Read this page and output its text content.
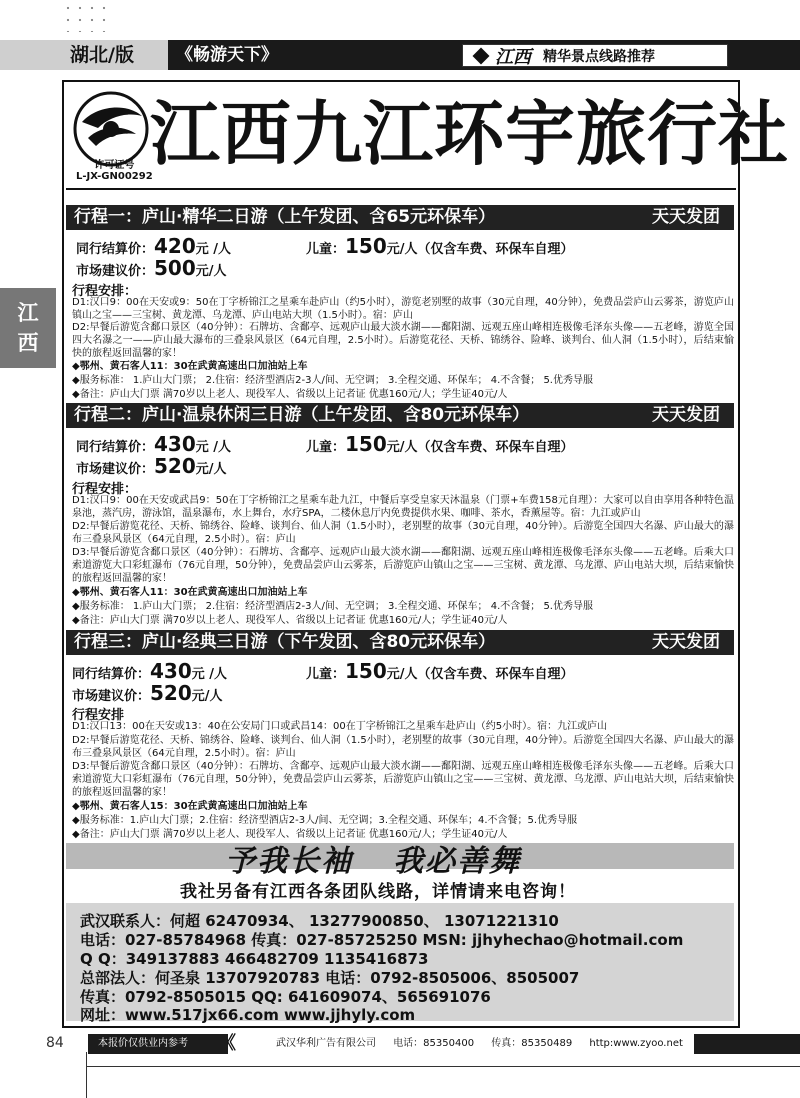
湖北/版	《畅游天下》	江西 精华景点线路推荐
江西
许可证号
L-JX-GN00292
江西九江环宇旅行社
行程一：庐山·精华二日游（上午发团、含65元环保车）	天天发团
同行结算价：420元 /人	儿童：150元/人（仅含车费、环保车自理）
市场建议价：500元/人
行程安排：
D1:汉口9：00在天安或9：50在丁字桥锦江之星乘车赴庐山（约5小时），游览老别墅的故事（30元自理，40分钟），免费品尝庐山云雾茶，游览庐山镇山之宝——三宝树、黄龙潭、乌龙潭、庐山电站大坝（1.5小时）。宿：庐山
D2:早餐后游览含鄱口景区（40分钟）：石牌坊、含鄱亭、远观庐山最大淡水湖——鄱阳湖、远观五座山峰相连极像毛泽东头像——五老峰，游览全国四大名瀑之一——庐山最大瀑布的三叠泉风景区（64元自理，2.5小时）。后游览花径、天桥、锦绣谷、险峰、谈判台、仙人洞（1.5小时），后结束愉快的旅程返回温馨的家！
◆鄂州、黄石客人11：30在武黄高速出口加油站上车
◆服务标准： 1.庐山大门票； 2.住宿：经济型酒店2-3人/间、无空调； 3.全程交通、环保车； 4.不含餐； 5.优秀导服
◆备注：庐山大门票 满70岁以上老人、现役军人、省级以上记者证 优惠160元/人；学生证40元/人
行程二：庐山·温泉休闲三日游（上午发团、含80元环保车）	天天发团
同行结算价：430元 /人	儿童：150元/人（仅含车费、环保车自理）
市场建议价：520元/人
行程安排：
D1:汉口9：00在天安或武昌9：50在丁字桥锦江之星乘车赴九江，中餐后享受皇家天沐温泉（门票+车费158元自理）：大家可以自由享用各种特色温泉池，蒸汽房，游泳馆，温泉瀑布，水上舞台，水疗SPA，二楼休息厅内免费提供水果、咖啡、茶水，香薰屋等。宿：九江或庐山
D2:早餐后游览花径、天桥、锦绣谷、险峰、谈判台、仙人洞（1.5小时），老别墅的故事（30元自理，40分钟）。后游览全国四大名瀑、庐山最大的瀑布三叠泉风景区（64元自理，2.5小时）。宿：庐山
D3:早餐后游览含鄱口景区（40分钟）：石牌坊、含鄱亭、远观庐山最大淡水湖——鄱阳湖、远观五座山峰相连极像毛泽东头像——五老峰。后乘大口索道游览大口彩虹瀑布（76元自理，50分钟），免费品尝庐山云雾茶，后游览庐山镇山之宝——三宝树、黄龙潭、乌龙潭、庐山电站大坝，后结束愉快的旅程返回温馨的家！
◆鄂州、黄石客人11：30在武黄高速出口加油站上车
◆服务标准： 1.庐山大门票； 2.住宿：经济型酒店2-3人/间、无空调； 3.全程交通、环保车； 4.不含餐； 5.优秀导服
◆备注：庐山大门票 满70岁以上老人、现役军人、省级以上记者证 优惠160元/人；学生证40元/人
行程三：庐山·经典三日游（下午发团、含80元环保车）	天天发团
同行结算价：430元 /人	儿童：150元/人（仅含车费、环保车自理）
市场建议价：520元/人
行程安排
D1:汉口13：00在天安或13：40在公安局门口或武昌14：00在丁字桥锦江之星乘车赴庐山（约5小时）。宿：九江或庐山
D2:早餐后游览花径、天桥、锦绣谷、险峰、谈判台、仙人洞（1.5小时），老别墅的故事（30元自理，40分钟）。后游览全国四大名瀑、庐山最大的瀑布三叠泉风景区（64元自理，2.5小时）。宿：庐山
D3:早餐后游览含鄱口景区（40分钟）：石牌坊、含鄱亭、远观庐山最大淡水湖——鄱阳湖、远观五座山峰相连极像毛泽东头像——五老峰。后乘大口索道游览大口彩虹瀑布（76元自理，50分钟），免费品尝庐山云雾茶，后游览庐山镇山之宝——三宝树、黄龙潭、乌龙潭、庐山电站大坝，后结束愉快的旅程返回温馨的家！
◆鄂州、黄石客人15：30在武黄高速出口加油站上车
◆服务标准：1.庐山大门票；2.住宿：经济型酒店2-3人/间、无空调；3.全程交通、环保车；4.不含餐；5.优秀导服
◆备注：庐山大门票 满70岁以上老人、现役军人、省级以上记者证 优惠160元/人；学生证40元/人
予我长袖 我必善舞
我社另备有江西各条团队线路，详情请来电咨询！
武汉联系人：何超 62470934、 13277900850、 13071221310
电话：027-85784968 传真：027-85725250 MSN: jjhyhechao@hotmail.com
Q Q：349137883 466482709 1135416873
总部法人：何圣泉 13707920783 电话：0792-8505006、8505007
传真：0792-8505015 QQ: 641609074、565691076
网址：www.517jx66.com www.jjhyly.com
84	本报价仅供业内参考	武汉华利广告有限公司 电话：85350400 传真：85350489 http:www.zyoo.net
《
